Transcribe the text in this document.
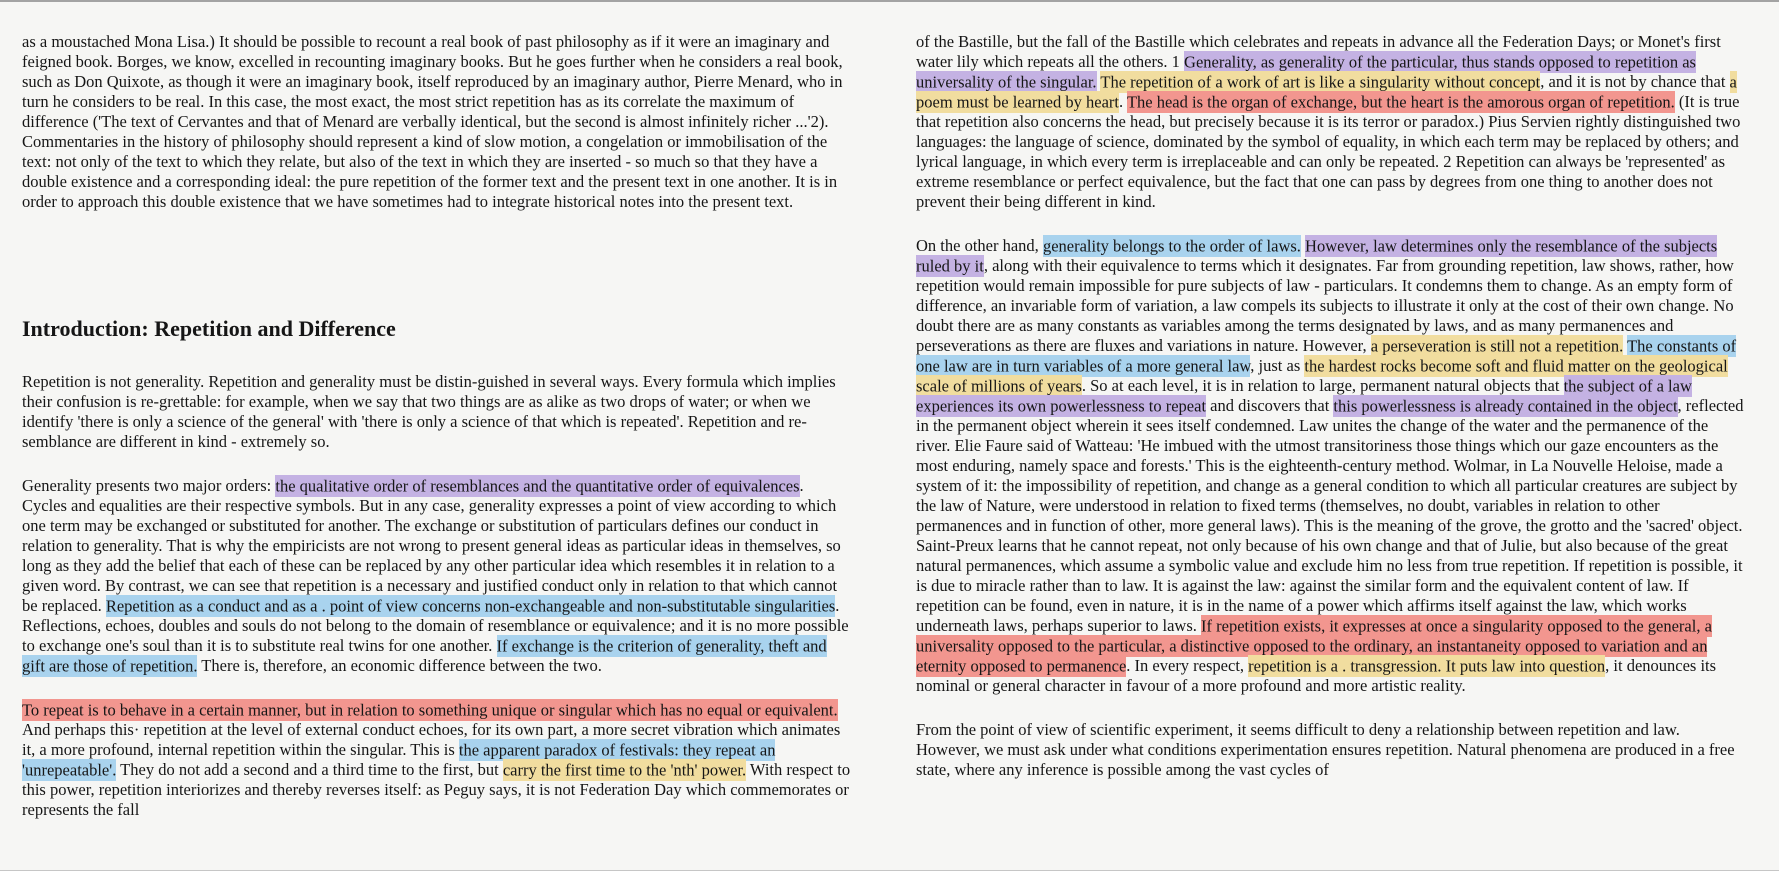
as a moustached Mona Lisa.) It should be possible to recount a real book of past philosophy as if it were an imaginary and feigned book. Borges, we know, excelled in recounting imaginary books. But he goes further when he considers a real book, such as Don Quixote, as though it were an imaginary book, itself reproduced by an imaginary author, Pierre Menard, who in turn he considers to be real. In this case, the most exact, the most strict repetition has as its correlate the maximum of difference ('The text of Cervantes and that of Menard are verbally identical, but the second is almost infinitely richer ...'2). Commentaries in the history of philosophy should represent a kind of slow motion, a congelation or immobilisation of the text: not only of the text to which they relate, but also of the text in which they are inserted - so much so that they have a double existence and a corresponding ideal: the pure repetition of the former text and the present text in one another. It is in order to approach this double existence that we have sometimes had to integrate historical notes into the present text.

Introduction: Repetition and Difference

Repetition is not generality. Repetition and generality must be distin-guished in several ways. Every formula which implies their confusion is re-grettable: for example, when we say that two things are as alike as two drops of water; or when we identify 'there is only a science of the general' with 'there is only a science of that which is repeated'. Repetition and re-semblance are different in kind - extremely so.

Generality presents two major orders: the qualitative order of resemblances and the quantitative order of equivalences. Cycles and equalities are their respective symbols. But in any case, generality expresses a point of view according to which one term may be exchanged or substituted for another. The exchange or substitution of particulars defines our conduct in relation to generality. That is why the empiricists are not wrong to present general ideas as particular ideas in themselves, so long as they add the belief that each of these can be replaced by any other particular idea which resembles it in relation to a given word. By contrast, we can see that repetition is a necessary and justified conduct only in relation to that which cannot be replaced. Repetition as a conduct and as a . point of view concerns non-exchangeable and non-substitutable singularities. Reflections, echoes, doubles and souls do not belong to the domain of resemblance or equivalence; and it is no more possible to exchange one's soul than it is to substitute real twins for one another. If exchange is the criterion of generality, theft and gift are those of repetition. There is, therefore, an economic difference between the two.

To repeat is to behave in a certain manner, but in relation to something unique or singular which has no equal or equivalent. And perhaps this· repetition at the level of external conduct echoes, for its own part, a more secret vibration which animates it, a more profound, internal repetition within the singular. This is the apparent paradox of festivals: they repeat an 'unrepeatable'. They do not add a second and a third time to the first, but carry the first time to the 'nth' power. With respect to this power, repetition interiorizes and thereby reverses itself: as Peguy says, it is not Federation Day which commemorates or represents the fall

of the Bastille, but the fall of the Bastille which celebrates and repeats in advance all the Federation Days; or Monet's first water lily which repeats all the others. 1 Generality, as generality of the particular, thus stands opposed to repetition as universality of the singular. The repetition of a work of art is like a singularity without concept, and it is not by chance that a poem must be learned by heart. The head is the organ of exchange, but the heart is the amorous organ of repetition. (It is true that repetition also concerns the head, but precisely because it is its terror or paradox.) Pius Servien rightly distinguished two languages: the language of science, dominated by the symbol of equality, in which each term may be replaced by others; and lyrical language, in which every term is irreplaceable and can only be repeated. 2 Repetition can always be 'represented' as extreme resemblance or perfect equivalence, but the fact that one can pass by degrees from one thing to another does not prevent their being different in kind.

On the other hand, generality belongs to the order of laws. However, law determines only the resemblance of the subjects ruled by it, along with their equivalence to terms which it designates. Far from grounding repetition, law shows, rather, how repetition would remain impossible for pure subjects of law - particulars. It condemns them to change. As an empty form of difference, an invariable form of variation, a law compels its subjects to illustrate it only at the cost of their own change. No doubt there are as many constants as variables among the terms designated by laws, and as many permanences and perseverations as there are fluxes and variations in nature. However, a perseveration is still not a repetition. The constants of one law are in turn variables of a more general law, just as the hardest rocks become soft and fluid matter on the geological scale of millions of years. So at each level, it is in relation to large, permanent natural objects that the subject of a law experiences its own powerlessness to repeat and discovers that this powerlessness is already contained in the object, reflected in the permanent object wherein it sees itself condemned. Law unites the change of the water and the permanence of the river. Elie Faure said of Watteau: 'He imbued with the utmost transitoriness those things which our gaze encounters as the most enduring, namely space and forests.' This is the eighteenth-century method. Wolmar, in La Nouvelle Heloise, made a system of it: the impossibility of repetition, and change as a general condition to which all particular creatures are subject by the law of Nature, were understood in relation to fixed terms (themselves, no doubt, variables in relation to other permanences and in function of other, more general laws). This is the meaning of the grove, the grotto and the 'sacred' object. Saint-Preux learns that he cannot repeat, not only because of his own change and that of Julie, but also because of the great natural permanences, which assume a symbolic value and exclude him no less from true repetition. If repetition is possible, it is due to miracle rather than to law. It is against the law: against the similar form and the equivalent content of law. If repetition can be found, even in nature, it is in the name of a power which affirms itself against the law, which works underneath laws, perhaps superior to laws. If repetition exists, it expresses at once a singularity opposed to the general, a universality opposed to the particular, a distinctive opposed to the ordinary, an instantaneity opposed to variation and an eternity opposed to permanence. In every respect, repetition is a . transgression. It puts law into question, it denounces its nominal or general character in favour of a more profound and more artistic reality.

From the point of view of scientific experiment, it seems difficult to deny a relationship between repetition and law. However, we must ask under what conditions experimentation ensures repetition. Natural phenomena are produced in a free state, where any inference is possible among the vast cycles of
